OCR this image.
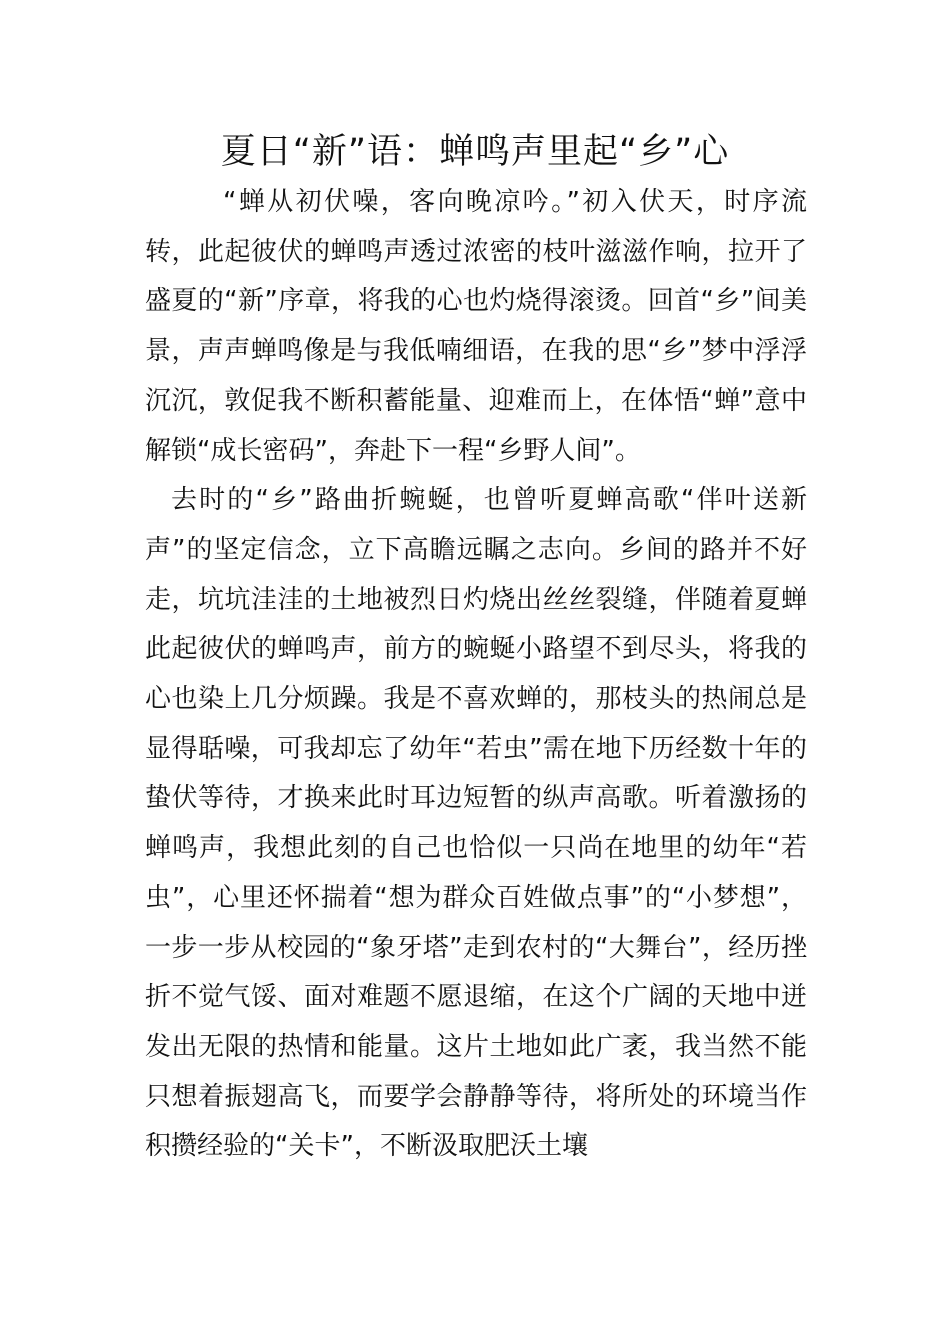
夏日“新”语：蝉鸣声里起“乡”心

“蝉从初伏噪，客向晚凉吟。”初入伏天，时序流转，此起彼伏的蝉鸣声透过浓密的枝叶滋滋作响，拉开了盛夏的“新”序章，将我的心也灼烧得滚烫。回首“乡”间美景，声声蝉鸣像是与我低喃细语，在我的思“乡”梦中浮浮沉沉，敦促我不断积蓄能量、迎难而上，在体悟“蝉”意中解锁“成长密码”，奔赴下一程“乡野人间”。

去时的“乡”路曲折蜿蜒，也曾听夏蝉高歌“伴叶送新声”的坚定信念，立下高瞻远瞩之志向。乡间的路并不好走，坑坑洼洼的土地被烈日灼烧出丝丝裂缝，伴随着夏蝉此起彼伏的蝉鸣声，前方的蜿蜒小路望不到尽头，将我的心也染上几分烦躁。我是不喜欢蝉的，那枝头的热闹总是显得聒噪，可我却忘了幼年“若虫”需在地下历经数十年的蛰伏等待，才换来此时耳边短暂的纵声高歌。听着激扬的蝉鸣声，我想此刻的自己也恰似一只尚在地里的幼年“若虫”，心里还怀揣着“想为群众百姓做点事”的“小梦想”，一步一步从校园的“象牙塔”走到农村的“大舞台”，经历挫折不觉气馁、面对难题不愿退缩，在这个广阔的天地中迸发出无限的热情和能量。这片土地如此广袤，我当然不能只想着振翅高飞，而要学会静静等待，将所处的环境当作积攒经验的“关卡”，不断汲取肥沃土壤
